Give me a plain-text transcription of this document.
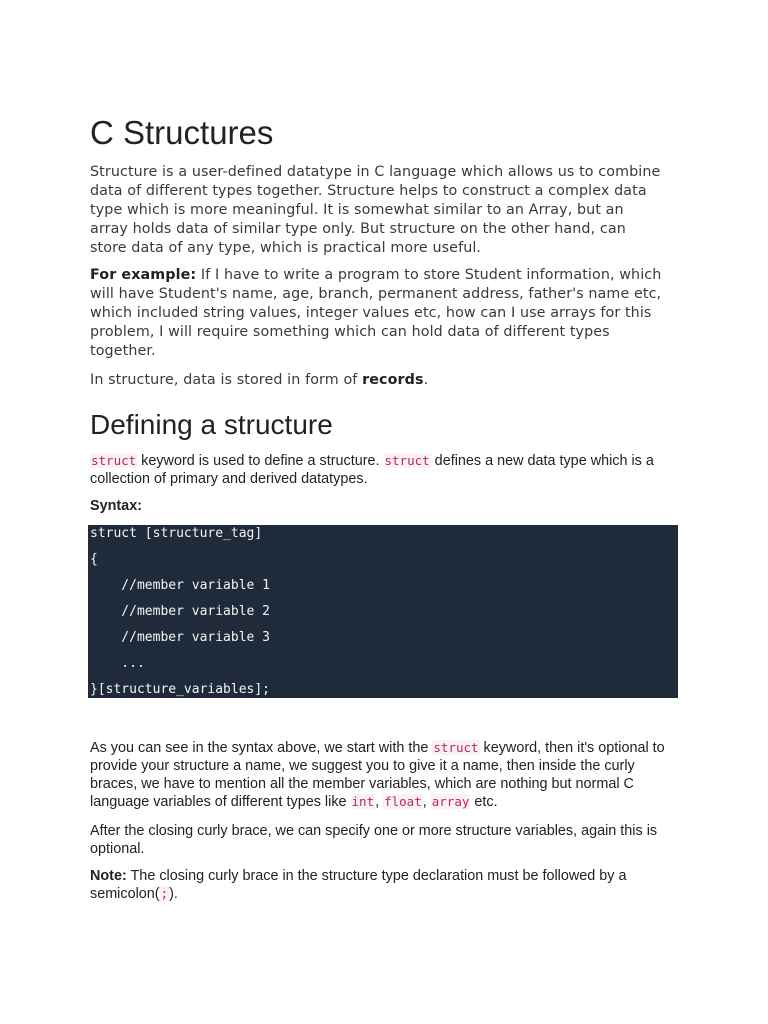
C Structures

Structure is a user-defined datatype in C language which allows us to combine data of different types together. Structure helps to construct a complex data type which is more meaningful. It is somewhat similar to an Array, but an array holds data of similar type only. But structure on the other hand, can store data of any type, which is practical more useful.

For example: If I have to write a program to store Student information, which will have Student's name, age, branch, permanent address, father's name etc, which included string values, integer values etc, how can I use arrays for this problem, I will require something which can hold data of different types together.

In structure, data is stored in form of records.

Defining a structure

struct keyword is used to define a structure. struct defines a new data type which is a collection of primary and derived datatypes.

Syntax:

struct [structure_tag]
{
//member variable 1
//member variable 2
//member variable 3
...
}[structure_variables];

As you can see in the syntax above, we start with the struct keyword, then it's optional to provide your structure a name, we suggest you to give it a name, then inside the curly braces, we have to mention all the member variables, which are nothing but normal C language variables of different types like int, float, array etc.

After the closing curly brace, we can specify one or more structure variables, again this is optional.

Note: The closing curly brace in the structure type declaration must be followed by a semicolon(;).
